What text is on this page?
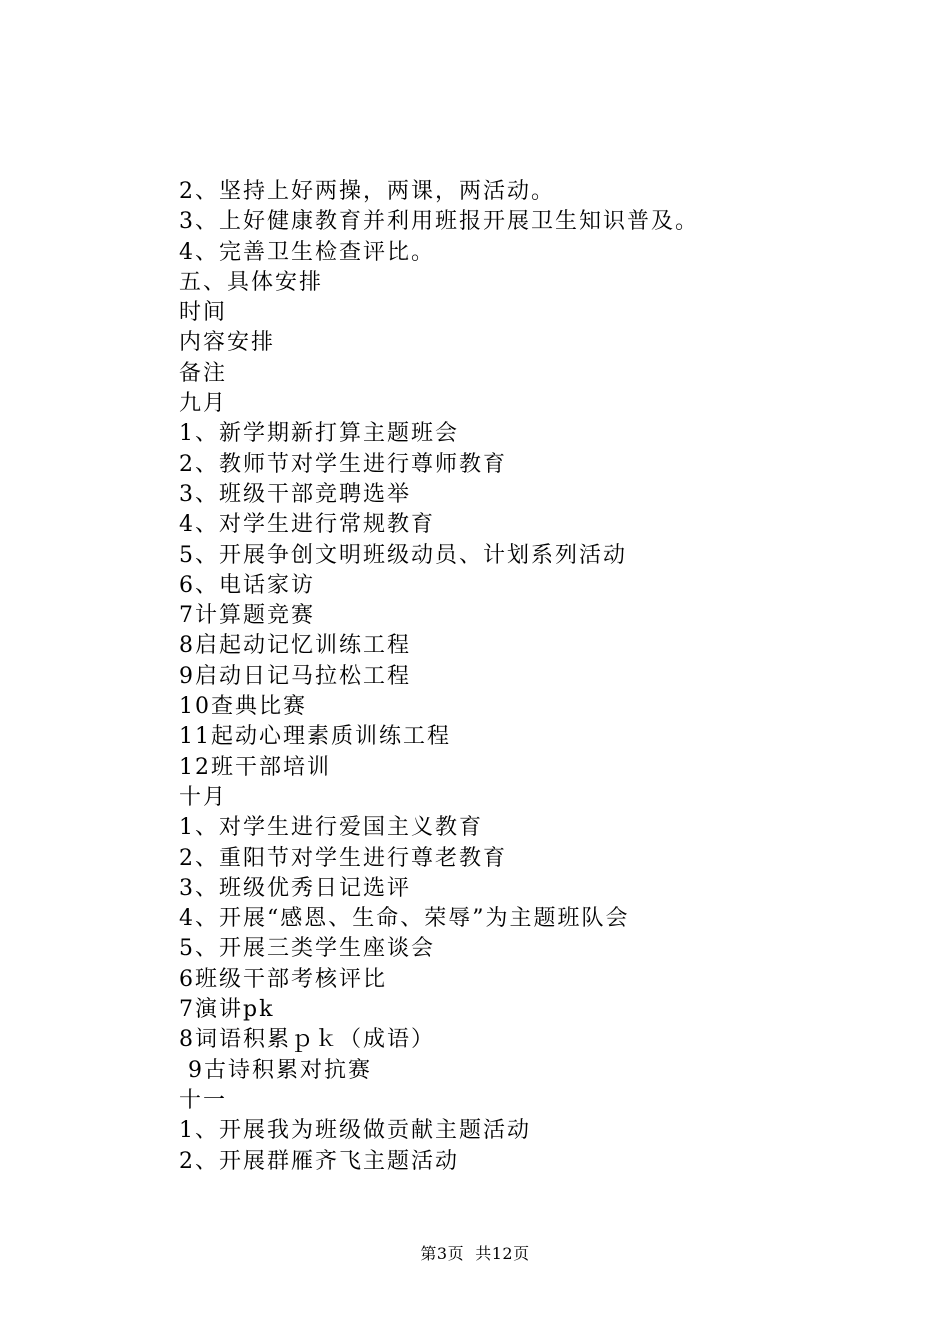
2、坚持上好两操，两课，两活动。
3、上好健康教育并利用班报开展卫生知识普及。
4、完善卫生检查评比。
五、具体安排
时间
内容安排
备注
九月
1、新学期新打算主题班会
2、教师节对学生进行尊师教育
3、班级干部竞聘选举
4、对学生进行常规教育
5、开展争创文明班级动员、计划系列活动
6、电话家访
7计算题竞赛
8启起动记忆训练工程
9启动日记马拉松工程
10查典比赛
11起动心理素质训练工程
12班干部培训
十月
1、对学生进行爱国主义教育
2、重阳节对学生进行尊老教育
3、班级优秀日记选评
4、开展“感恩、生命、荣辱”为主题班队会
5、开展三类学生座谈会
6班级干部考核评比
7演讲pk
8词语积累ｐｋ（成语）
9古诗积累对抗赛
十一
1、开展我为班级做贡献主题活动
2、开展群雁齐飞主题活动
第3页  共12页
